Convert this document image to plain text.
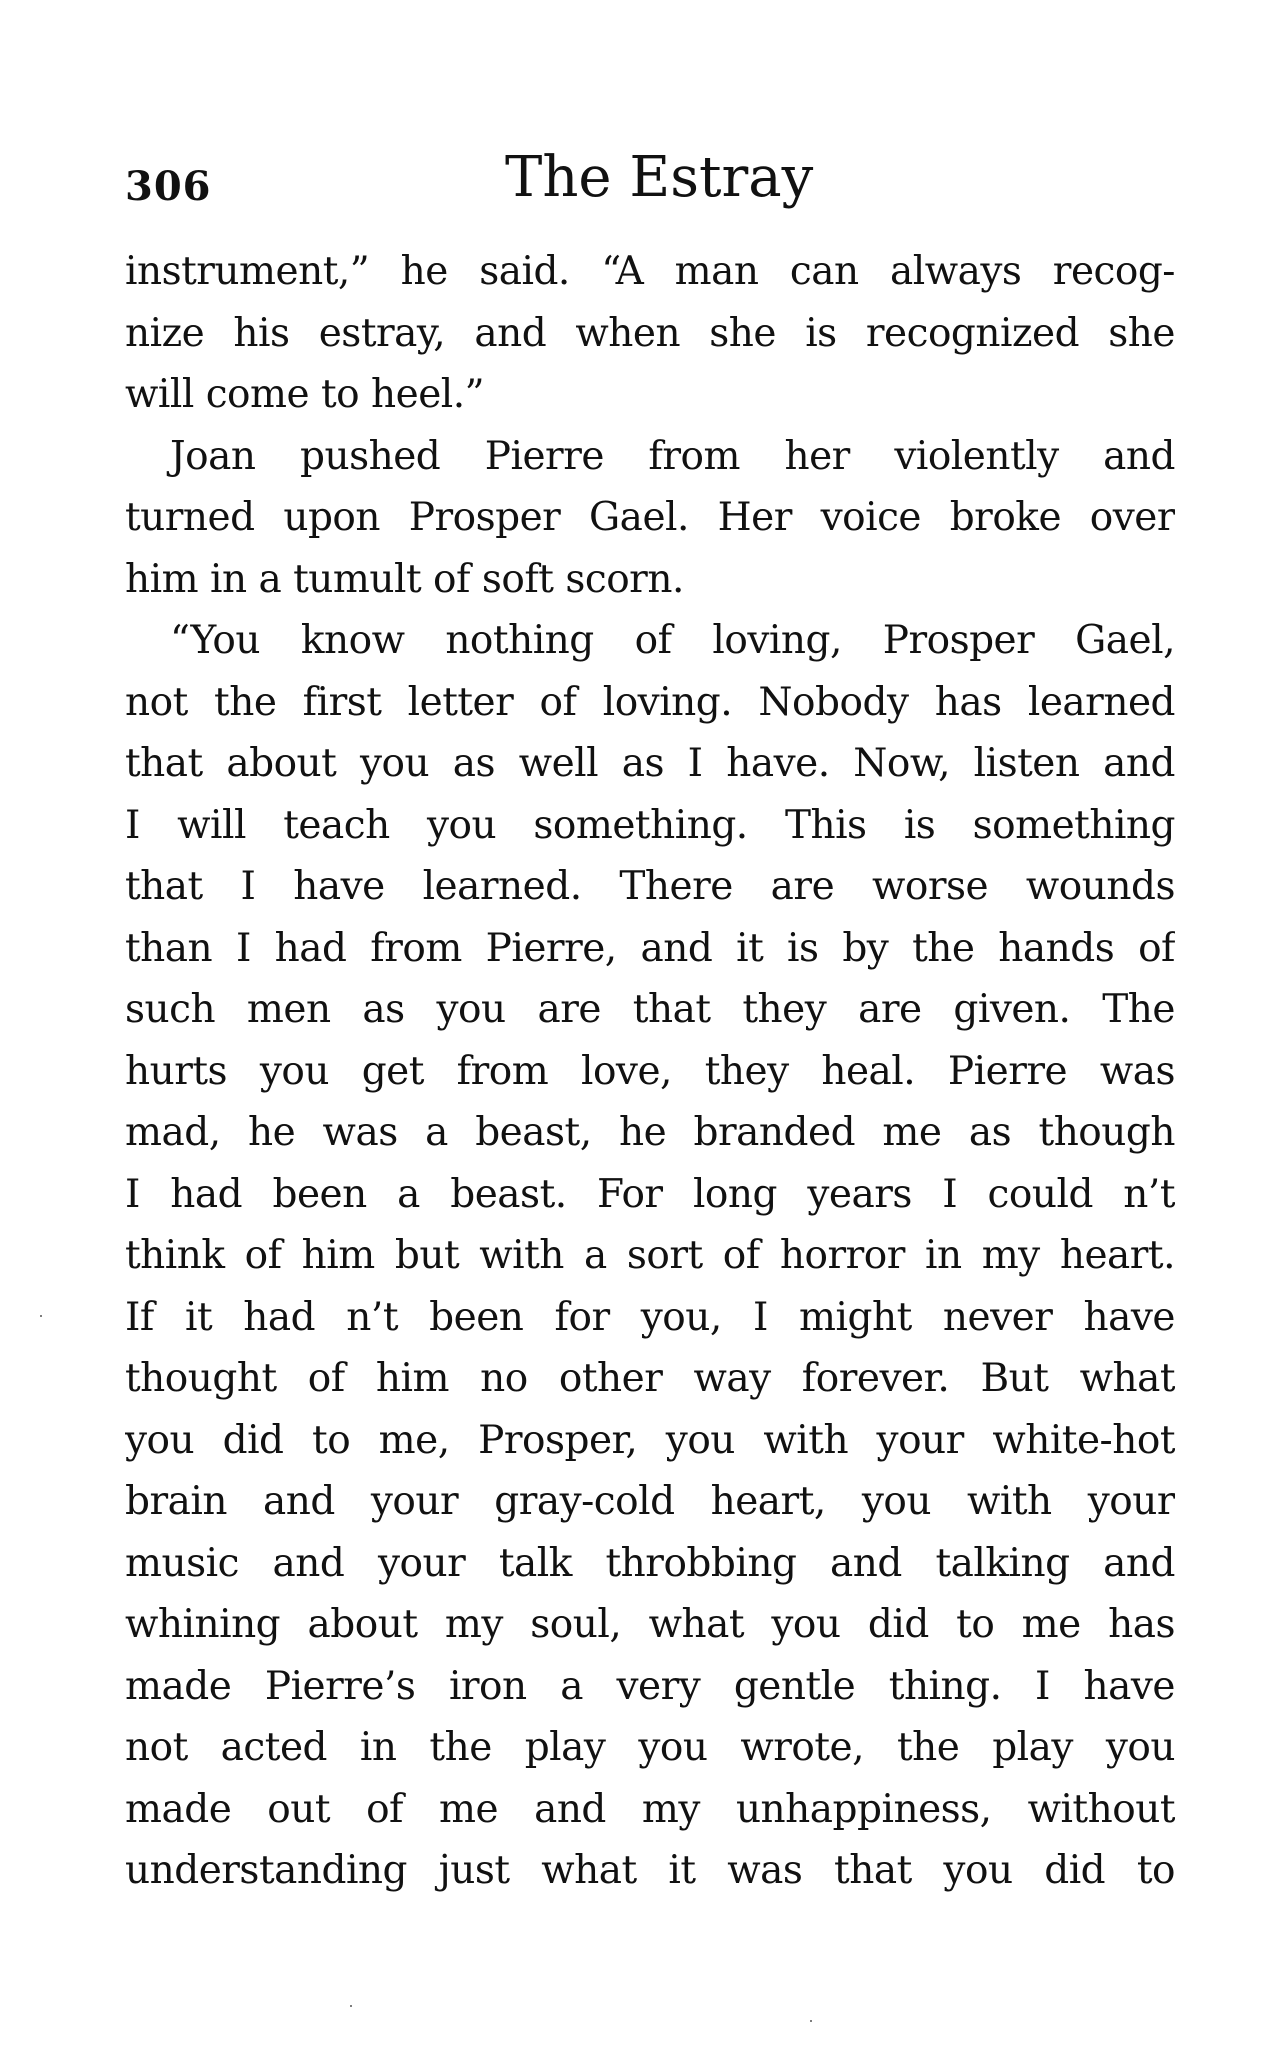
306	The Estray
instrument,” he said. “A man can always recog-
nize his estray, and when she is recognized she
will come to heel.”
Joan pushed Pierre from her violently and
turned upon Prosper Gael. Her voice broke over
him in a tumult of soft scorn.
“You know nothing of loving, Prosper Gael,
not the first letter of loving. Nobody has learned
that about you as well as I have. Now, listen and
I will teach you something. This is something
that I have learned. There are worse wounds
than I had from Pierre, and it is by the hands of
such men as you are that they are given. The
hurts you get from love, they heal. Pierre was
mad, he was a beast, he branded me as though
I had been a beast. For long years I could n’t
think of him but with a sort of horror in my heart.
If it had n’t been for you, I might never have
thought of him no other way forever. But what
you did to me, Prosper, you with your white-hot
brain and your gray-cold heart, you with your
music and your talk throbbing and talking and
whining about my soul, what you did to me has
made Pierre’s iron a very gentle thing. I have
not acted in the play you wrote, the play you
made out of me and my unhappiness, without
understanding just what it was that you did to
